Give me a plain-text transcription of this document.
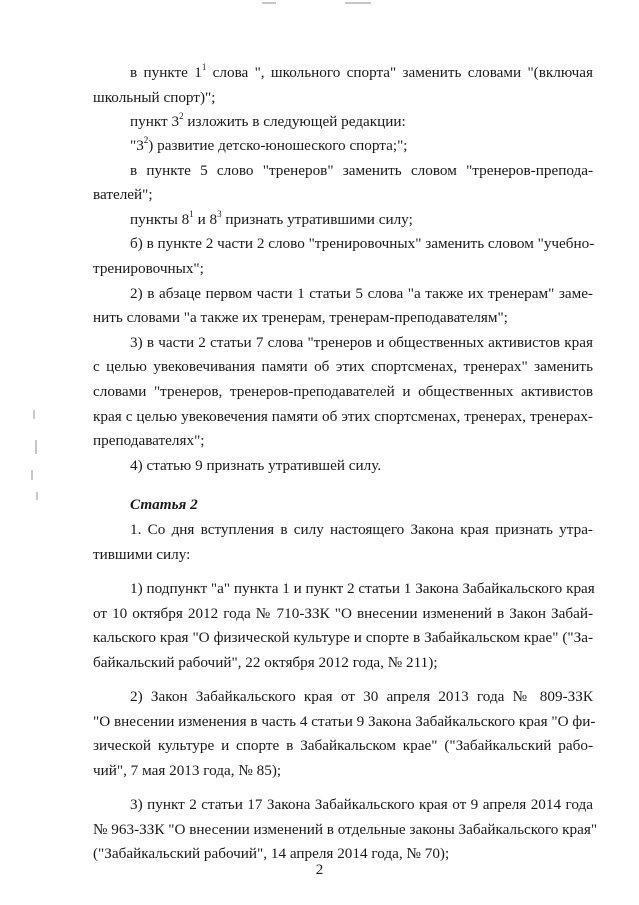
в пункте $1^1$ слова ", школьного спорта" заменить словами "(включая
школьный спорт)";
пункт $3^2$ изложить в следующей редакции:
"$3^2$) развитие детско-юношеского спорта;";
в пункте 5 слово "тренеров" заменить словом "тренеров-препода-
вателей";
пункты $8^1$ и $8^3$ признать утратившими силу;
б) в пункте 2 части 2 слово "тренировочных" заменить словом "учебно-
тренировочных";
2) в абзаце первом части 1 статьи 5 слова "а также их тренерам" заме-
нить словами "а также их тренерам, тренерам-преподавателям";
3) в части 2 статьи 7 слова "тренеров и общественных активистов края
с целью увековечивания памяти об этих спортсменах, тренерах" заменить
словами "тренеров, тренеров-преподавателей и общественных активистов
края с целью увековечения памяти об этих спортсменах, тренерах, тренерах-
преподавателях";
4) статью 9 признать утратившей силу.
Статья 2
1. Со дня вступления в силу настоящего Закона края признать утра-
тившими силу:
1) подпункт "а" пункта 1 и пункт 2 статьи 1 Закона Забайкальского края
от 10 октября 2012 года № 710-ЗЗК "О внесении изменений в Закон Забай-
кальского края "О физической культуре и спорте в Забайкальском крае" ("За-
байкальский рабочий", 22 октября 2012 года, № 211);
2) Закон Забайкальского края от 30 апреля 2013 года № 809-ЗЗК
"О внесении изменения в часть 4 статьи 9 Закона Забайкальского края "О фи-
зической культуре и спорте в Забайкальском крае" ("Забайкальский рабо-
чий", 7 мая 2013 года, № 85);
3) пункт 2 статьи 17 Закона Забайкальского края от 9 апреля 2014 года
№ 963-ЗЗК "О внесении изменений в отдельные законы Забайкальского края"
("Забайкальский рабочий", 14 апреля 2014 года, № 70);
2
